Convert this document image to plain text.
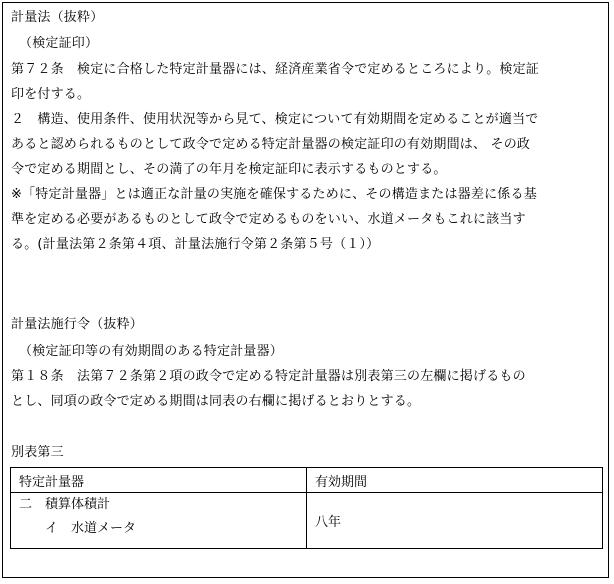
計量法（抜粋）
（検定証印）
第７２条　検定に合格した特定計量器には、経済産業省令で定めるところにより。検定証
印を付する。
２　構造、使用条件、使用状況等から見て、検定について有効期間を定めることが適当で
あると認められるものとして政令で定める特定計量器の検定証印の有効期間は、 その政
令で定める期間とし、その満了の年月を検定証印に表示するものとする。
※「特定計量器」とは適正な計量の実施を確保するために、その構造または器差に係る基
準を定める必要があるものとして政令で定めるものをいい、水道メータもこれに該当す
る。(計量法第２条第４項、計量法施行令第２条第５号（１））
計量法施行令（抜粋）
（検定証印等の有効期間のある特定計量器）
第１８条　法第７２条第２項の政令で定める特定計量器は別表第三の左欄に掲げるもの
とし、同項の政令で定める期間は同表の右欄に掲げるとおりとする。
別表第三
特定計量器	有効期間

二　積算体積計
イ　水道メータ	八年
